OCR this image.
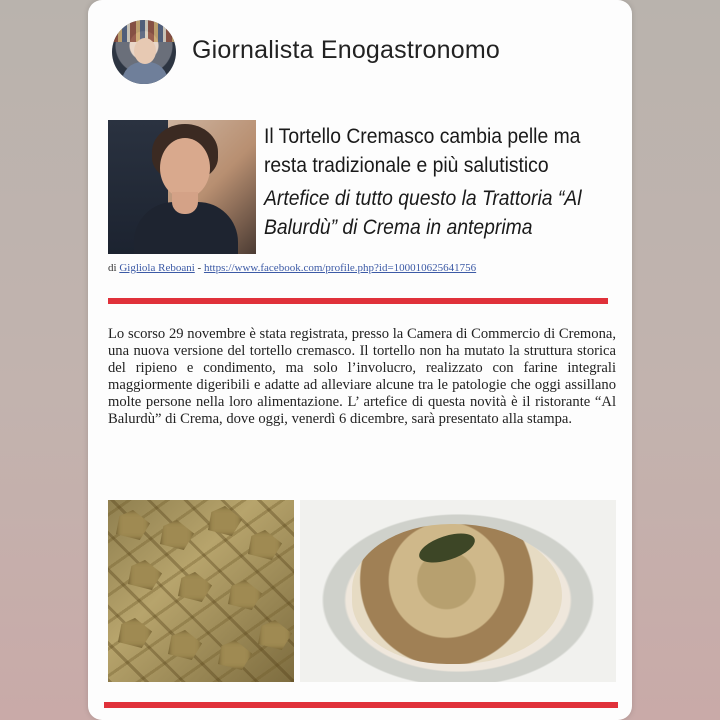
Giornalista Enogastronomo
Il Tortello Cremasco cambia pelle ma resta tradizionale e più salutistico
Artefice di tutto questo la Trattoria “Al Balurdù” di Crema in anteprima
di Gigliola Reboani - https://www.facebook.com/profile.php?id=100010625641756
Lo scorso 29 novembre è stata registrata, presso la Camera di Commercio di Cremona, una nuova versione del tortello cremasco. Il tortello non ha mutato la struttura storica del ripieno e condimento, ma solo l’involucro, realizzato con farine integrali maggiormente digeribili e adatte ad alleviare alcune tra le patologie che oggi assillano molte persone nella loro alimentazione. L’ artefice di questa novità è il ristorante “Al Balurdù” di Crema, dove oggi, venerdì 6 dicembre, sarà presentato alla stampa.
